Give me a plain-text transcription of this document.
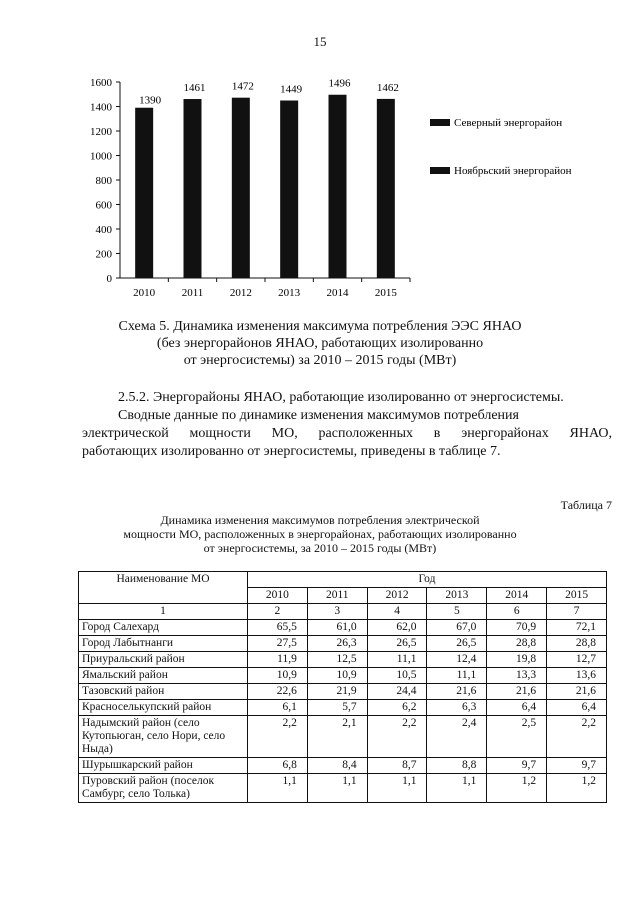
15
0
200
400
600
800
1000
1200
1400
1600
2010 2011 2012 2013 2014 2015
1390
1461 1472 1449 1496 1462
Северный энергорайон
Ноябрьский энергорайон
Схема 5. Динамика изменения максимума потребления ЭЭС ЯНАО
(без энергорайонов ЯНАО, работающих изолированно
от энергосистемы) за 2010 – 2015 годы (МВт)
2.5.2. Энергорайоны ЯНАО, работающие изолированно от энергосистемы.
Сводные данные по динамике изменения максимумов потребления
электрической мощности МО, расположенных в энергорайонах ЯНАО,
работающих изолированно от энергосистемы, приведены в таблице 7.
Таблица 7
Динамика изменения максимумов потребления электрической
мощности МО, расположенных в энергорайонах, работающих изолированно
от энергосистемы, за 2010 – 2015 годы (МВт)
Наименование МО	Год					
	2010	2011	2012	2013	2014	2015
1	2	3	4	5	6	7
Город Салехард	65,5	61,0	62,0	67,0	70,9	72,1
Город Лабытнанги	27,5	26,3	26,5	26,5	28,8	28,8
Приуральский район	11,9	12,5	11,1	12,4	19,8	12,7
Ямальский район	10,9	10,9	10,5	11,1	13,3	13,6
Тазовский район	22,6	21,9	24,4	21,6	21,6	21,6
Красноселькупский район	6,1	5,7	6,2	6,3	6,4	6,4
Надымский район (село Кутопьюган, село Нори, село Ныда)	2,2	2,1	2,2	2,4	2,5	2,2
Шурышкарский район	6,8	8,4	8,7	8,8	9,7	9,7
Пуровский район (поселок Самбург, село Толька)	1,1	1,1	1,1	1,1	1,2	1,2
